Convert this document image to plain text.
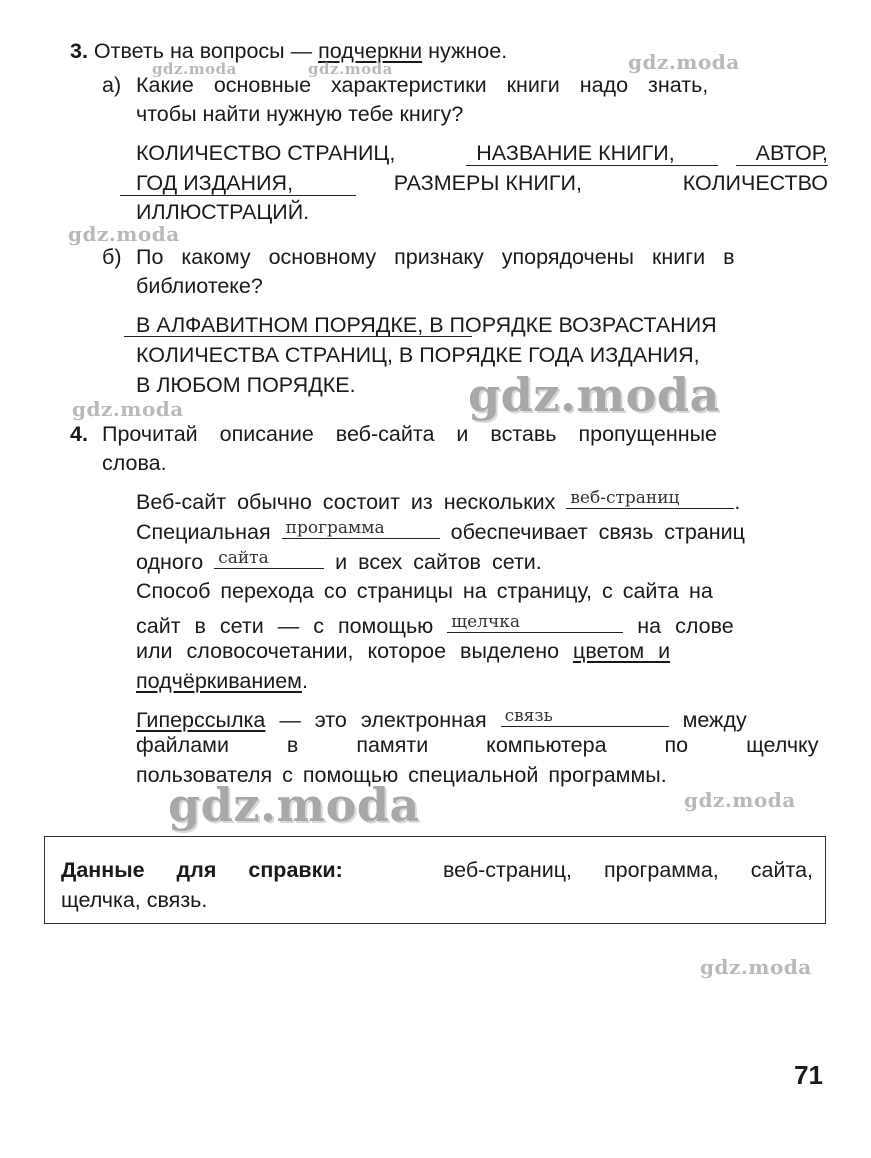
3. Ответь на вопросы — подчеркни нужное.
а) Какие основные характеристики книги надо знать,
чтобы найти нужную тебе книгу?
КОЛИЧЕСТВО СТРАНИЦ,	НАЗВАНИЕ КНИГИ,	АВТОР,
ГОД ИЗДАНИЯ,	РАЗМЕРЫ КНИГИ,	КОЛИЧЕСТВО
ИЛЛЮСТРАЦИЙ.
б) По какому основному признаку упорядочены книги в
библиотеке?
В АЛФАВИТНОМ ПОРЯДКЕ, В ПОРЯДКЕ ВОЗРАСТАНИЯ
КОЛИЧЕСТВА СТРАНИЦ, В ПОРЯДКЕ ГОДА ИЗДАНИЯ,
В ЛЮБОМ ПОРЯДКЕ.
4. Прочитай описание веб-сайта и вставь пропущенные
слова.
Веб-сайт обычно состоит из нескольких веб-страниц	.
Специальная программа	обеспечивает связь страниц
одного сайта	и всех сайтов сети.
Способ перехода со страницы на страницу, с сайта на
сайт в сети — с помощью щелчка	на слове
или словосочетании, которое выделено цветом и
подчёркиванием.
Гиперссылка — это электронная связь	между
файлами в памяти компьютера по щелчку
пользователя с помощью специальной программы.
Данные для справки:	веб-страниц, программа, сайта,
щелчка, связь.
71
gdz.moda
gdz.moda	gdz.moda
gdz.moda
gdz.moda
gdz.moda
gdz.moda	gdz.moda
gdz.moda
